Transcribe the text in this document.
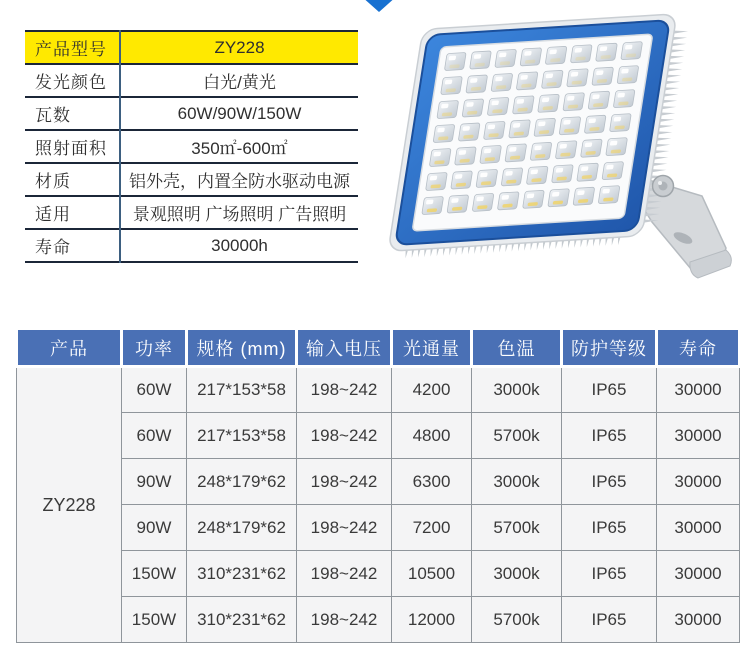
产品型号	ZY228
发光颜色	白光/黄光
瓦数	60W/90W/150W
照射面积	350㎡-600㎡
材质	铝外壳，内置全防水驱动电源
适用	景观照明 广场照明 广告照明
寿命	30000h
产品	功率	规格 (mm)	输入电压	光通量	色温	防护等级	寿命
ZY228	60W	217*153*58	198~242	4200	3000k	IP65	30000
	60W	217*153*58	198~242	4800	5700k	IP65	30000
	90W	248*179*62	198~242	6300	3000k	IP65	30000
	90W	248*179*62	198~242	7200	5700k	IP65	30000
	150W	310*231*62	198~242	10500	3000k	IP65	30000
	150W	310*231*62	198~242	12000	5700k	IP65	30000
